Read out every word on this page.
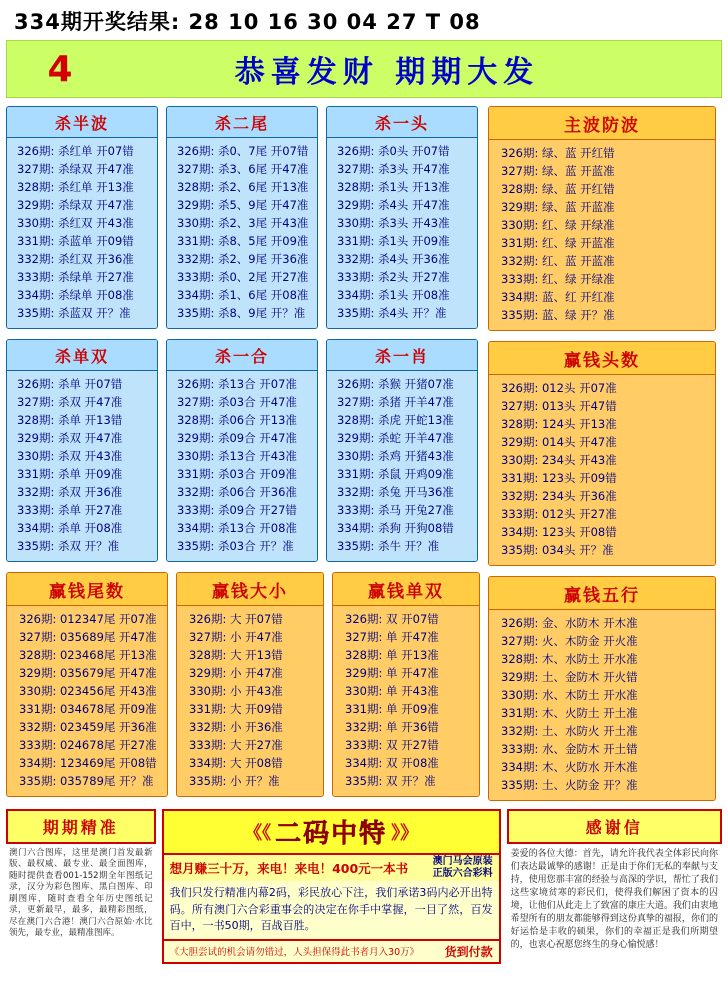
334期开奖结果: 28 10 16 30 04 27 T 08
4	恭喜发财 期期大发
杀半波
326期: 杀红单 开07错
327期: 杀绿双 开47准
328期: 杀红单 开13准
329期: 杀绿双 开47准
330期: 杀红双 开43准
331期: 杀蓝单 开09错
332期: 杀红双 开36准
333期: 杀绿单 开27准
334期: 杀绿单 开08准
335期: 杀蓝双 开？准
杀二尾
326期: 杀0、7尾 开07错
327期: 杀3、6尾 开47准
328期: 杀2、6尾 开13准
329期: 杀5、9尾 开47准
330期: 杀2、3尾 开43准
331期: 杀8、5尾 开09准
332期: 杀2、9尾 开36准
333期: 杀0、2尾 开27准
334期: 杀1、6尾 开08准
335期: 杀8、9尾 开？准
杀一头
326期: 杀0头 开07错
327期: 杀3头 开47准
328期: 杀1头 开13准
329期: 杀4头 开47准
330期: 杀3头 开43准
331期: 杀1头 开09准
332期: 杀4头 开36准
333期: 杀2头 开27准
334期: 杀1头 开08准
335期: 杀4头 开？准
杀单双
326期: 杀单 开07错
327期: 杀双 开47准
328期: 杀单 开13错
329期: 杀双 开47准
330期: 杀双 开43准
331期: 杀单 开09准
332期: 杀双 开36准
333期: 杀单 开27准
334期: 杀单 开08准
335期: 杀双 开？准
杀一合
326期: 杀13合 开07准
327期: 杀03合 开47准
328期: 杀06合 开13准
329期: 杀09合 开47准
330期: 杀13合 开43准
331期: 杀03合 开09准
332期: 杀06合 开36准
333期: 杀09合 开27错
334期: 杀13合 开08准
335期: 杀03合 开？准
杀一肖
326期: 杀猴 开猪07准
327期: 杀猪 开羊47准
328期: 杀虎 开蛇13准
329期: 杀蛇 开羊47准
330期: 杀鸡 开猪43准
331期: 杀鼠 开鸡09准
332期: 杀兔 开马36准
333期: 杀马 开兔27准
334期: 杀狗 开狗08错
335期: 杀牛 开？准
赢钱尾数
326期: 012347尾 开07准
327期: 035689尾 开47准
328期: 023468尾 开13准
329期: 035679尾 开47准
330期: 023456尾 开43准
331期: 034678尾 开09准
332期: 023459尾 开36准
333期: 024678尾 开27准
334期: 123469尾 开08错
335期: 035789尾 开？准
赢钱大小
326期: 大 开07错
327期: 小 开47准
328期: 大 开13错
329期: 小 开47准
330期: 小 开43准
331期: 大 开09错
332期: 小 开36准
333期: 大 开27准
334期: 大 开08错
335期: 小 开？准
赢钱单双
326期: 双 开07错
327期: 单 开47准
328期: 单 开13准
329期: 单 开47准
330期: 单 开43准
331期: 单 开09准
332期: 单 开36错
333期: 双 开27错
334期: 双 开08准
335期: 双 开？准
主波防波
326期: 绿、蓝 开红错
327期: 绿、蓝 开蓝准
328期: 绿、蓝 开红错
329期: 绿、蓝 开蓝准
330期: 红、绿 开绿准
331期: 红、绿 开蓝准
332期: 红、蓝 开蓝准
333期: 红、绿 开绿准
334期: 蓝、红 开红准
335期: 蓝、绿 开？准
赢钱头数
326期: 012头 开07准
327期: 013头 开47错
328期: 124头 开13准
329期: 014头 开47准
330期: 234头 开43准
331期: 123头 开09错
332期: 234头 开36准
333期: 012头 开27准
334期: 123头 开08错
335期: 034头 开？准
赢钱五行
326期: 金、水防木 开木准
327期: 火、木防金 开火准
328期: 木、水防土 开水准
329期: 土、金防木 开火错
330期: 水、木防土 开水准
331期: 木、火防土 开土准
332期: 土、水防火 开土准
333期: 水、金防木 开土错
334期: 木、火防水 开木准
335期: 土、火防金 开？准
期期精准
澳门六合图库，这里是澳门首发最新版、最权威、最专业、最全面图库，随时提供查看001-152期全年图纸记录，汉分为彩色图库、黑白图库、印刷图库，随时查看全年历史图纸记录，更新最早，最多，最精彩图纸，尽在澳门六合港！澳门六合原始·水比领先，最专业，最精准图库。
《《 二码中特 》》
想月赚三十万，来电！来电！400元一本书 澳门马会原装
正版六合彩料
我们只发行精准内幕2码，彩民放心下注，我们承诺3码内必开出特码。所有澳门六合彩重事会的决定在你手中掌握，一目了然，百发百中，一书50期，百战百胜。
《大胆尝试的机会请勿错过，人头担保得此书者月入30万》 货到付款
感谢信
姜爱的各位大德：首先，请允许我代表全体彩民向你们表达最诚挚的感谢！正是由于你们无私的奉献与支持，使用您那丰富的经验与高深的学识，帮忙了我们这些家境贫寒的彩民们，使得我们解困了资本的囚境，让他们从此走上了致富的康庄大道。我们由衷地希望所有的朋友都能够得到这份真挚的福报，你们的好运恰是丰收的硕果，你们的幸福正是我们所期望的，也衷心祝愿您终生的身心愉悦感！
